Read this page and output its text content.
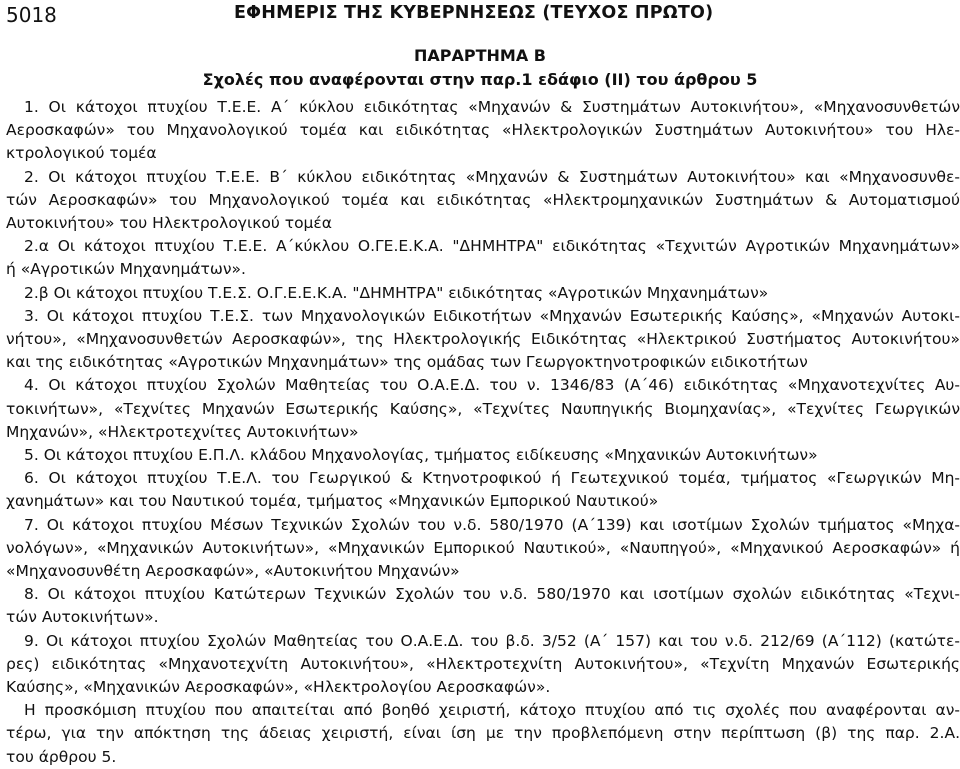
5018	ΕΦΗΜΕΡΙΣ ΤΗΣ ΚΥΒΕΡΝΗΣΕΩΣ (ΤΕΥΧΟΣ ΠΡΩΤΟ)
ΠΑΡΑΡΤΗΜΑ Β
Σχολές που αναφέρονται στην παρ.1 εδάφιο (II) του άρθρου 5
1. Οι κάτοχοι πτυχίου Τ.Ε.Ε. Α΄ κύκλου ειδικότητας «Μηχανών & Συστημάτων Αυτοκινήτου», «Μηχανοσυνθετών
Αεροσκαφών» του Μηχανολογικού τομέα και ειδικότητας «Ηλεκτρολογικών Συστημάτων Αυτοκινήτου» του Ηλε-
κτρολογικού τομέα
2. Οι κάτοχοι πτυχίου Τ.Ε.Ε. Β΄ κύκλου ειδικότητας «Μηχανών & Συστημάτων Αυτοκινήτου» και «Μηχανοσυνθε-
τών Αεροσκαφών» του Μηχανολογικού τομέα και ειδικότητας «Ηλεκτρομηχανικών Συστημάτων & Αυτοματισμού
Αυτοκινήτου» του Ηλεκτρολογικού τομέα
2.α Οι κάτοχοι πτυχίου Τ.Ε.Ε. Α΄κύκλου Ο.ΓΕ.Ε.Κ.Α. "ΔΗΜΗΤΡΑ" ειδικότητας «Τεχνιτών Αγροτικών Μηχανημάτων»
ή «Αγροτικών Μηχανημάτων».
2.β Οι κάτοχοι πτυχίου Τ.Ε.Σ. Ο.Γ.Ε.Ε.Κ.Α. "ΔΗΜΗΤΡΑ" ειδικότητας «Αγροτικών Μηχανημάτων»
3. Οι κάτοχοι πτυχίου Τ.Ε.Σ. των Μηχανολογικών Ειδικοτήτων «Μηχανών Εσωτερικής Καύσης», «Μηχανών Αυτοκι-
νήτου», «Μηχανοσυνθετών Αεροσκαφών», της Ηλεκτρολογικής Ειδικότητας «Ηλεκτρικού Συστήματος Αυτοκινήτου»
και της ειδικότητας «Αγροτικών Μηχανημάτων» της ομάδας των Γεωργοκτηνοτροφικών ειδικοτήτων
4. Οι κάτοχοι πτυχίου Σχολών Μαθητείας του Ο.Α.Ε.Δ. του ν. 1346/83 (Α΄46) ειδικότητας «Μηχανοτεχνίτες Αυ-
τοκινήτων», «Τεχνίτες Μηχανών Εσωτερικής Καύσης», «Τεχνίτες Ναυπηγικής Βιομηχανίας», «Τεχνίτες Γεωργικών
Μηχανών», «Ηλεκτροτεχνίτες Αυτοκινήτων»
5. Οι κάτοχοι πτυχίου Ε.Π.Λ. κλάδου Μηχανολογίας, τμήματος ειδίκευσης «Μηχανικών Αυτοκινήτων»
6. Οι κάτοχοι πτυχίου Τ.Ε.Λ. του Γεωργικού & Κτηνοτροφικού ή Γεωτεχνικού τομέα, τμήματος «Γεωργικών Μη-
χανημάτων» και του Ναυτικού τομέα, τμήματος «Μηχανικών Εμπορικού Ναυτικού»
7. Οι κάτοχοι πτυχίου Μέσων Τεχνικών Σχολών του ν.δ. 580/1970 (Α΄139) και ισοτίμων Σχολών τμήματος «Μηχα-
νολόγων», «Μηχανικών Αυτοκινήτων», «Μηχανικών Εμπορικού Ναυτικού», «Ναυπηγού», «Μηχανικού Αεροσκαφών» ή
«Μηχανοσυνθέτη Αεροσκαφών», «Αυτοκινήτου Μηχανών»
8. Οι κάτοχοι πτυχίου Κατώτερων Τεχνικών Σχολών του ν.δ. 580/1970 και ισοτίμων σχολών ειδικότητας «Τεχνι-
τών Αυτοκινήτων».
9. Οι κάτοχοι πτυχίου Σχολών Μαθητείας του Ο.Α.Ε.Δ. του β.δ. 3/52 (Α΄ 157) και του ν.δ. 212/69 (Α΄112) (κατώτε-
ρες) ειδικότητας «Μηχανοτεχνίτη Αυτοκινήτου», «Ηλεκτροτεχνίτη Αυτοκινήτου», «Τεχνίτη Μηχανών Εσωτερικής
Καύσης», «Μηχανικών Αεροσκαφών», «Ηλεκτρολογίου Αεροσκαφών».
Η προσκόμιση πτυχίου που απαιτείται από βοηθό χειριστή, κάτοχο πτυχίου από τις σχολές που αναφέρονται αν-
τέρω, για την απόκτηση της άδειας χειριστή, είναι ίση με την προβλεπόμενη στην περίπτωση (β) της παρ. 2.Α.
του άρθρου 5.
